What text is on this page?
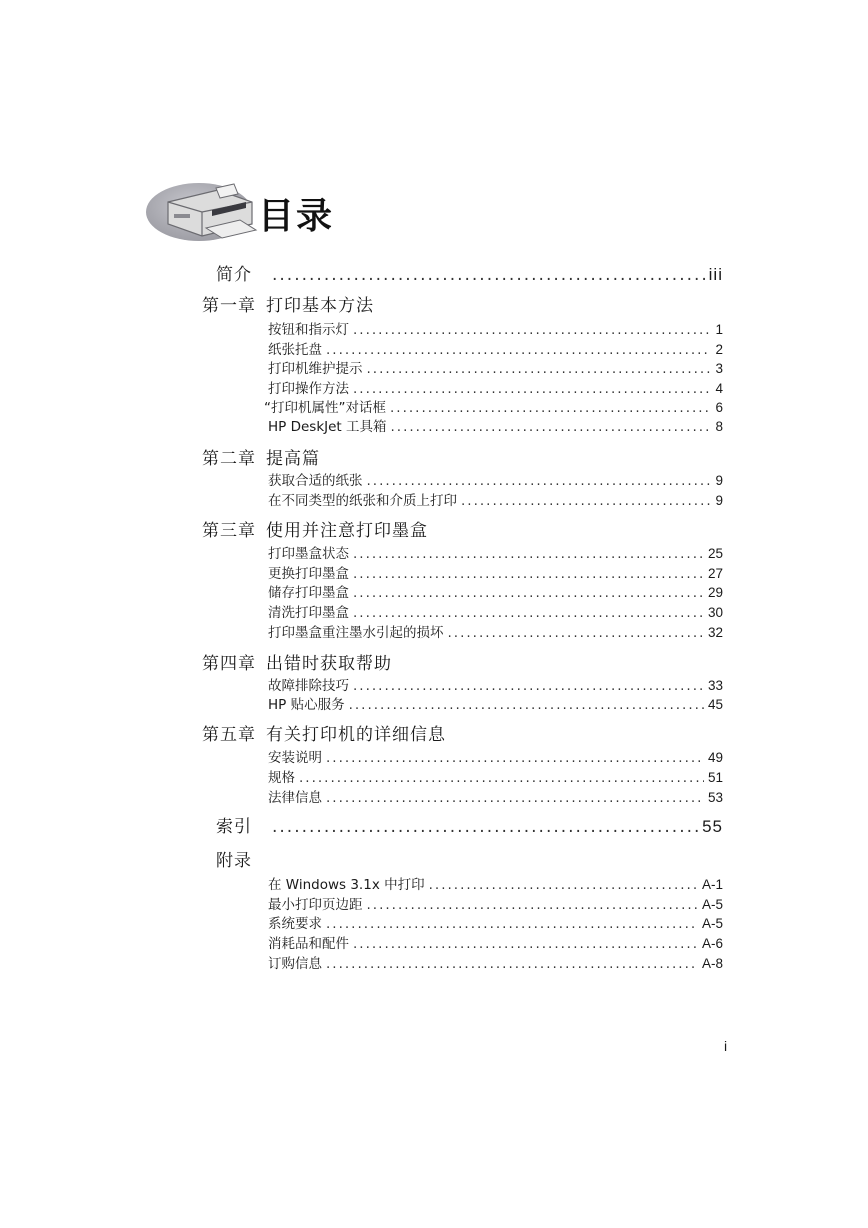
目录
简介 .....	iii
第一章 打印基本方法
按钮和指示灯 .....	1
纸张托盘 .....	2
打印机维护提示 .....	3
打印操作方法 .....	4
“打印机属性”对话框 .....	6
HP DeskJet 工具箱 .....	8
第二章 提高篇
获取合适的纸张 .....	9
在不同类型的纸张和介质上打印 .....	9
第三章 使用并注意打印墨盒
打印墨盒状态 .....	25
更换打印墨盒 .....	27
储存打印墨盒 .....	29
清洗打印墨盒 .....	30
打印墨盒重注墨水引起的损坏 .....	32
第四章 出错时获取帮助
故障排除技巧 .....	33
HP 贴心服务 .....	45
第五章 有关打印机的详细信息
安装说明 .....	49
规格 .....	51
法律信息 .....	53
索引 .....	55
附录
在 Windows 3.1x 中打印 .....	A-1
最小打印页边距 .....	A-5
系统要求 .....	A-5
消耗品和配件 .....	A-6
订购信息 .....	A-8
i
